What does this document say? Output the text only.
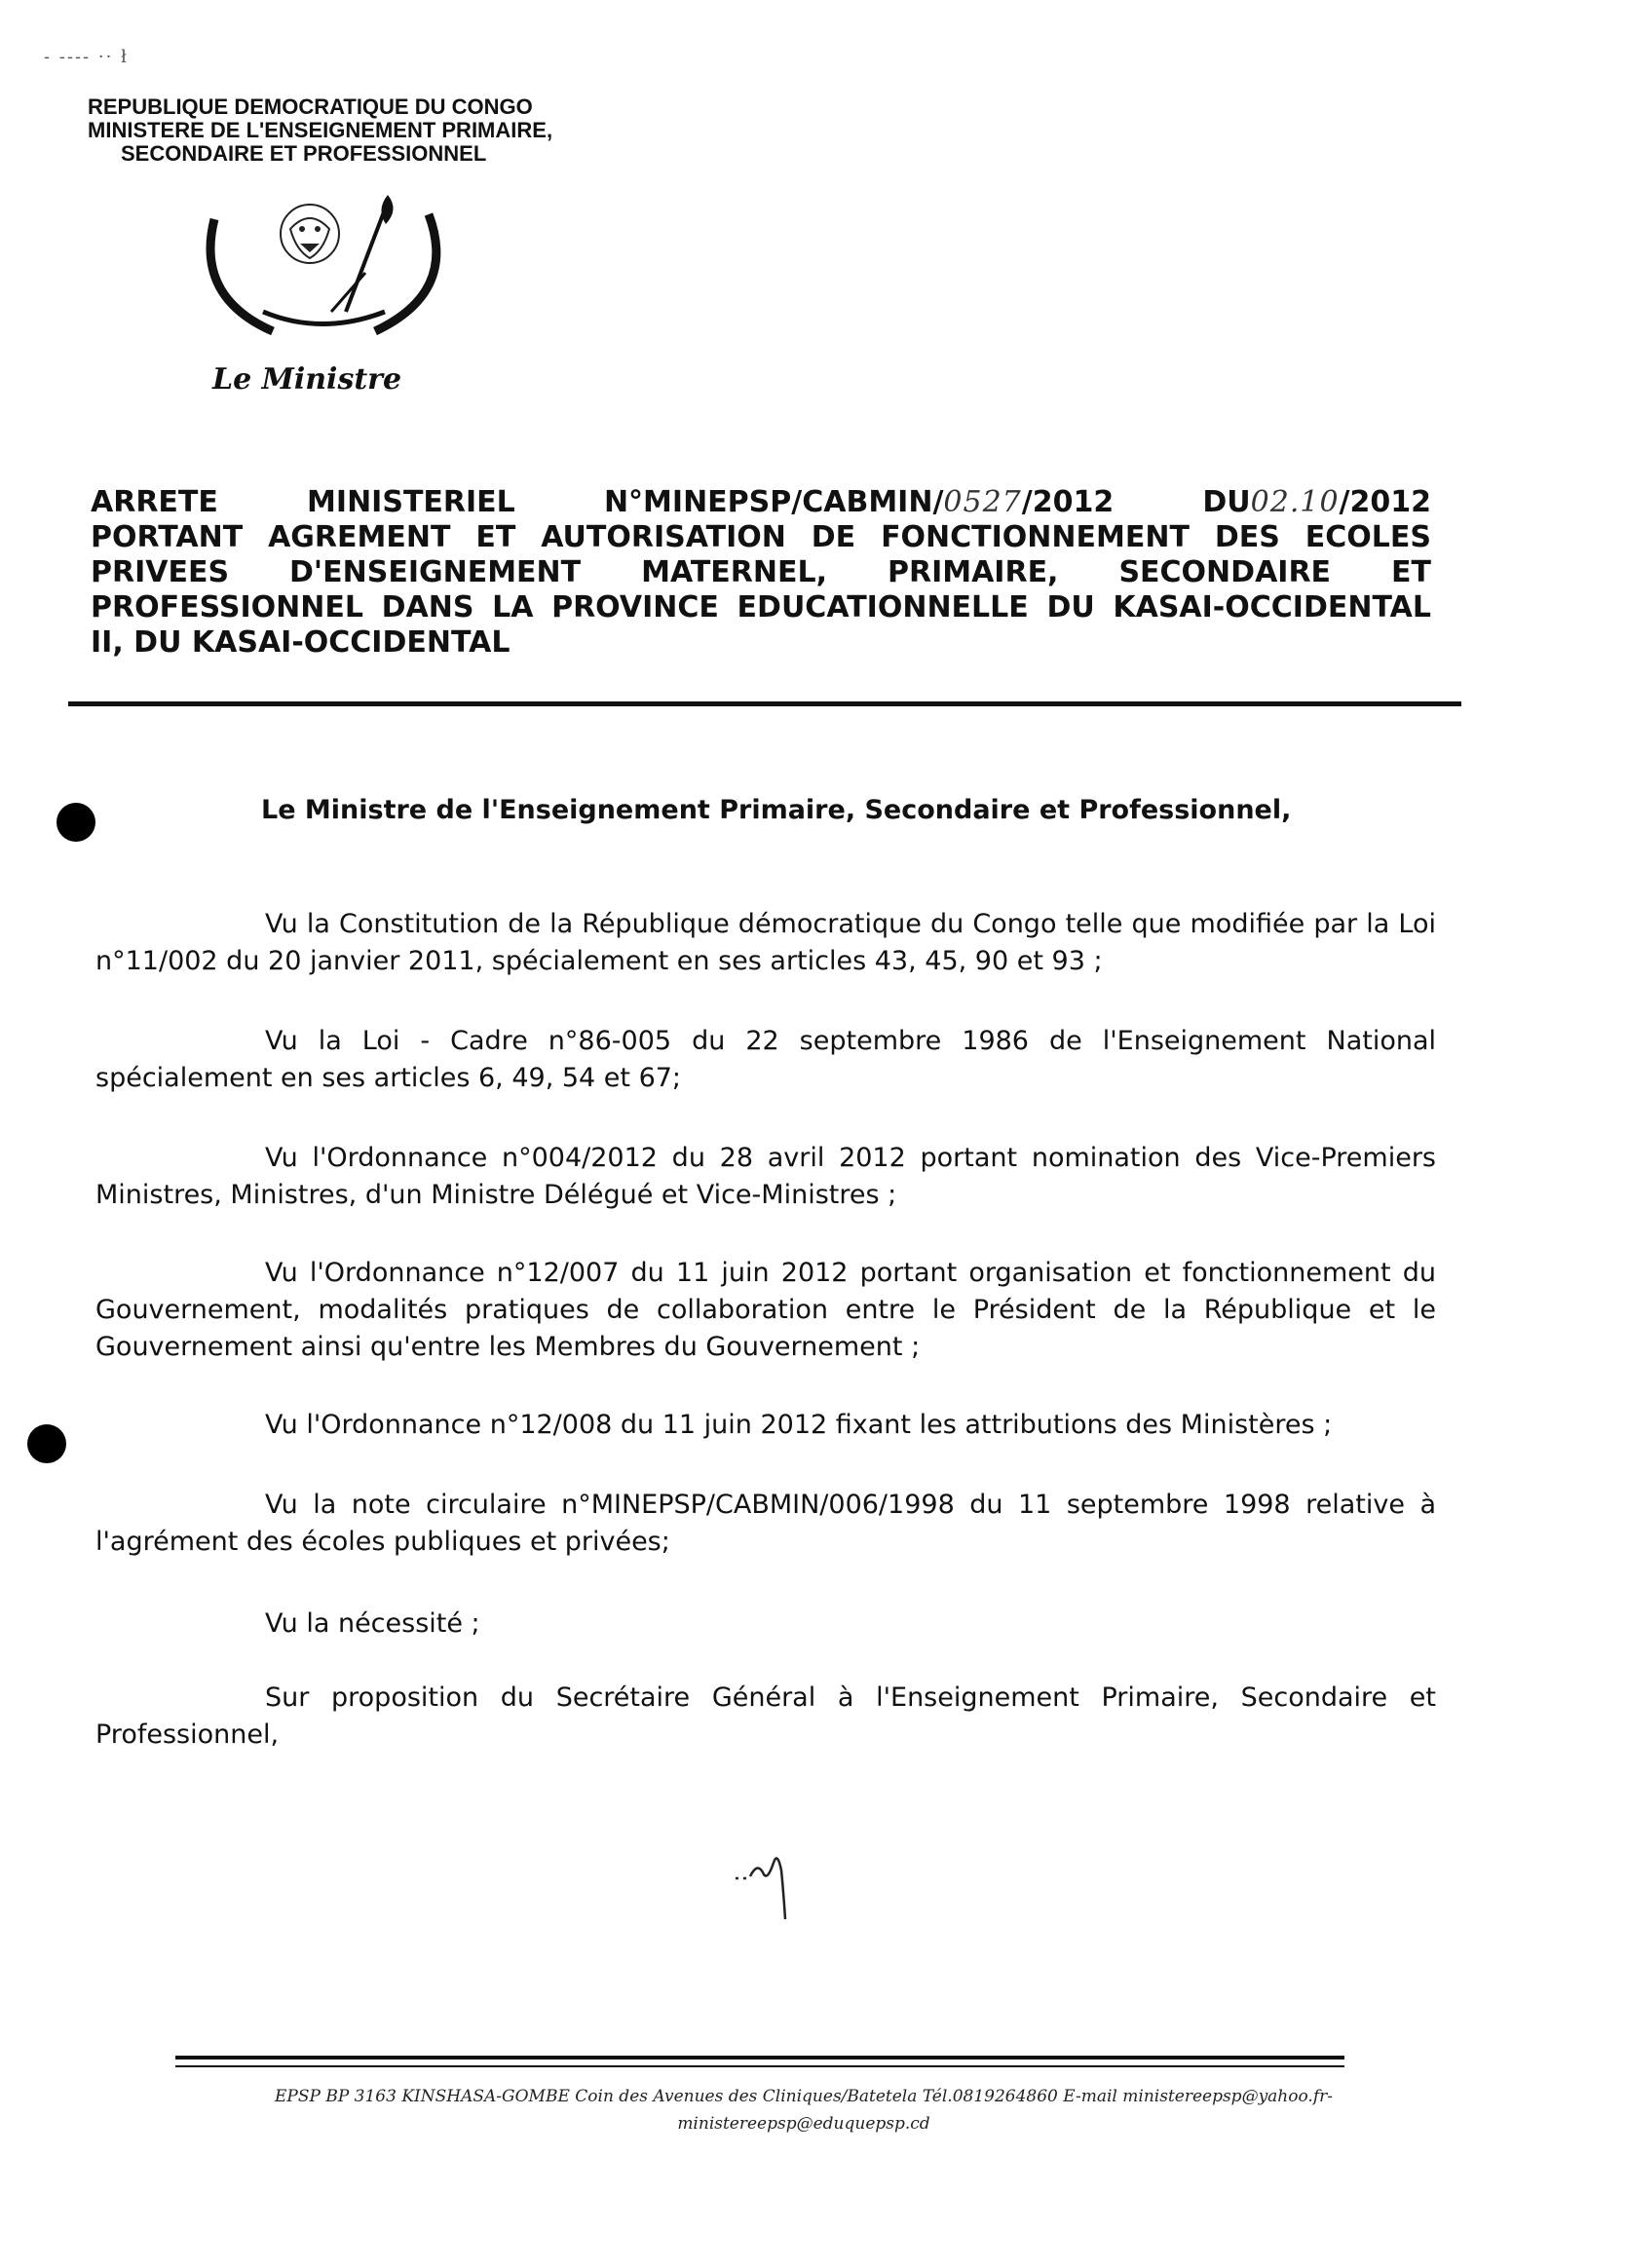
- ---- ·· ł
REPUBLIQUE DEMOCRATIQUE DU CONGO
MINISTERE DE L'ENSEIGNEMENT PRIMAIRE,
SECONDAIRE ET PROFESSIONNEL
Le Ministre
ARRETE	MINISTERIEL	N°MINEPSP/CABMIN/0527/2012	DU02.10/2012
PORTANT AGREMENT ET AUTORISATION DE FONCTIONNEMENT DES ECOLES
PRIVEES D'ENSEIGNEMENT MATERNEL, PRIMAIRE, SECONDAIRE ET
PROFESSIONNEL DANS LA PROVINCE EDUCATIONNELLE DU KASAI-OCCIDENTAL
II, DU KASAI-OCCIDENTAL
Le Ministre de l'Enseignement Primaire, Secondaire et Professionnel,
Vu la Constitution de la République démocratique du Congo telle que modifiée par la Loi n°11/002 du 20 janvier 2011, spécialement en ses articles 43, 45, 90 et 93 ;
Vu la Loi - Cadre n°86-005 du 22 septembre 1986 de l'Enseignement National spécialement en ses articles 6, 49, 54 et 67;
Vu l'Ordonnance n°004/2012 du 28 avril 2012 portant nomination des Vice-Premiers Ministres, Ministres, d'un Ministre Délégué et Vice-Ministres ;
Vu l'Ordonnance n°12/007 du 11 juin 2012 portant organisation et fonctionnement du Gouvernement, modalités pratiques de collaboration entre le Président de la République et le Gouvernement ainsi qu'entre les Membres du Gouvernement ;
Vu l'Ordonnance n°12/008 du 11 juin 2012 fixant les attributions des Ministères ;
Vu la note circulaire n°MINEPSP/CABMIN/006/1998 du 11 septembre 1998 relative à l'agrément des écoles publiques et privées;
Vu la nécessité ;
Sur proposition du Secrétaire Général à l'Enseignement Primaire, Secondaire et Professionnel,
EPSP BP 3163 KINSHASA-GOMBE Coin des Avenues des Cliniques/Batetela Tél.0819264860 E-mail ministereepsp@yahoo.fr-
ministereepsp@eduquepsp.cd
